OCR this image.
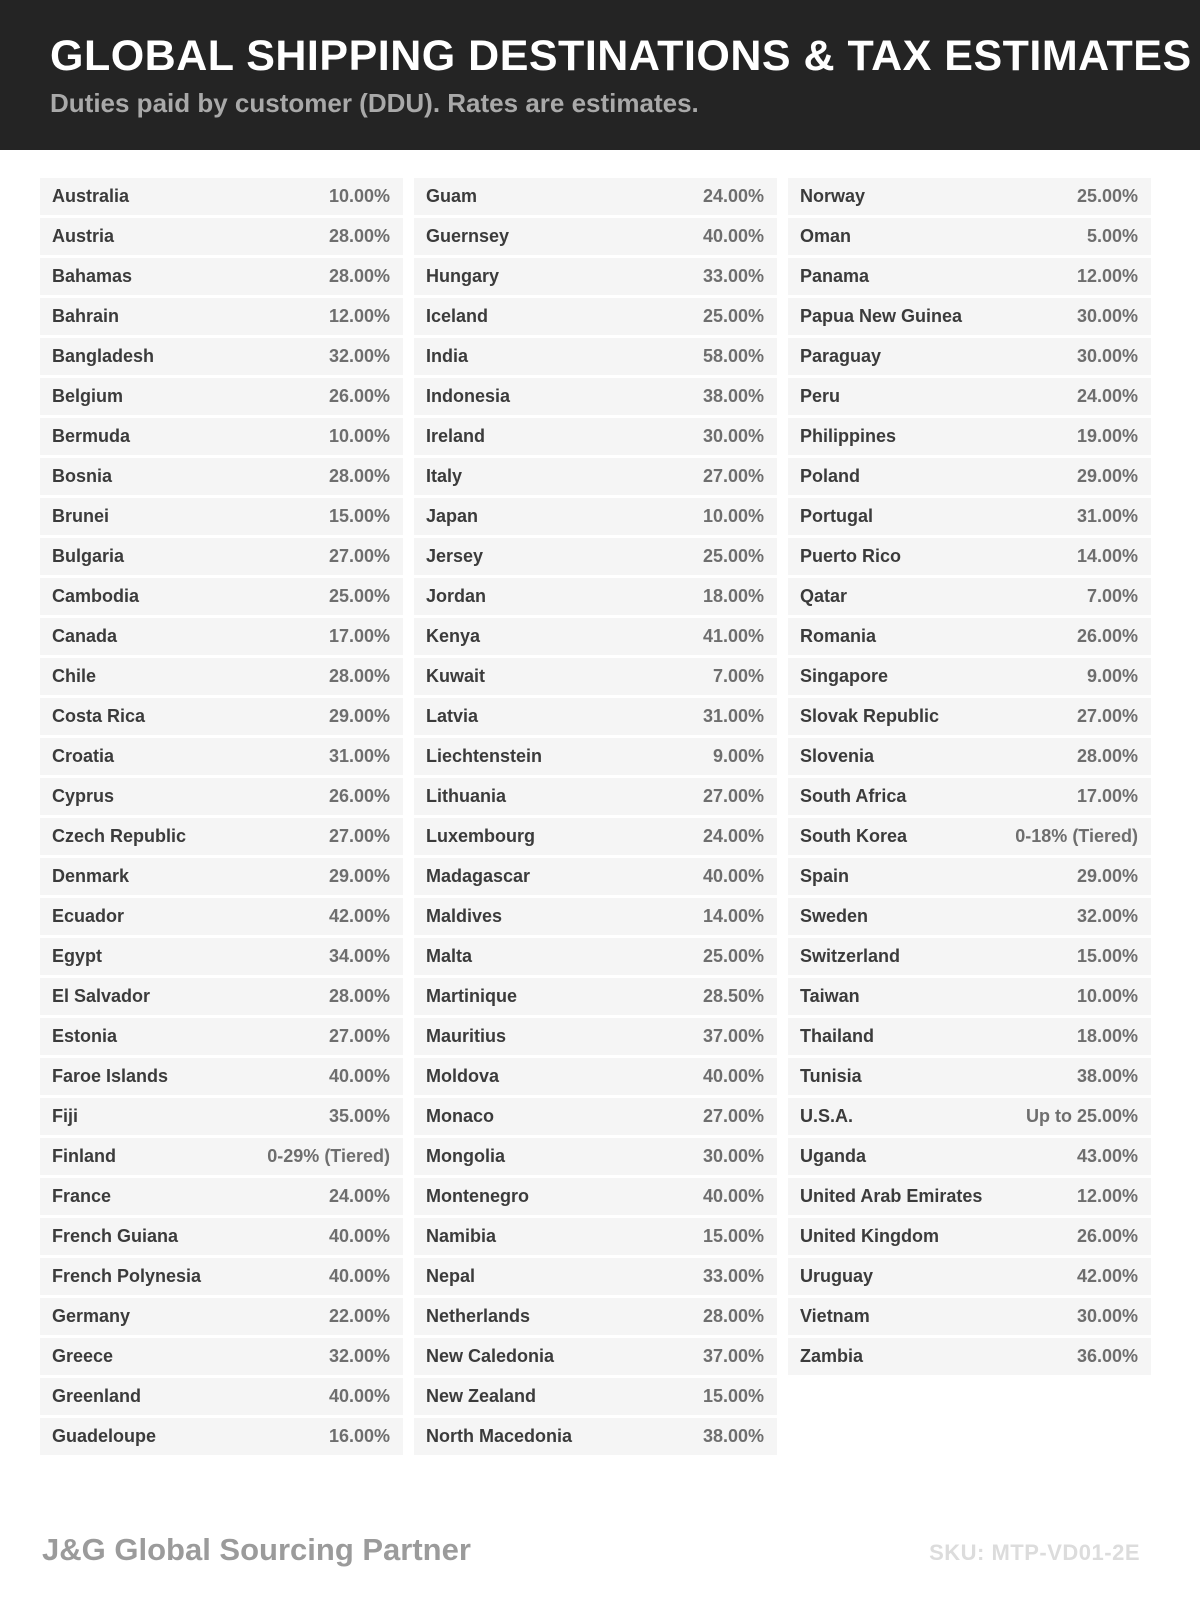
GLOBAL SHIPPING DESTINATIONS & TAX ESTIMATES
Duties paid by customer (DDU). Rates are estimates.
Australia	10.00%
Austria	28.00%
Bahamas	28.00%
Bahrain	12.00%
Bangladesh	32.00%
Belgium	26.00%
Bermuda	10.00%
Bosnia	28.00%
Brunei	15.00%
Bulgaria	27.00%
Cambodia	25.00%
Canada	17.00%
Chile	28.00%
Costa Rica	29.00%
Croatia	31.00%
Cyprus	26.00%
Czech Republic	27.00%
Denmark	29.00%
Ecuador	42.00%
Egypt	34.00%
El Salvador	28.00%
Estonia	27.00%
Faroe Islands	40.00%
Fiji	35.00%
Finland	0-29% (Tiered)
France	24.00%
French Guiana	40.00%
French Polynesia	40.00%
Germany	22.00%
Greece	32.00%
Greenland	40.00%
Guadeloupe	16.00%
Guam	24.00%
Guernsey	40.00%
Hungary	33.00%
Iceland	25.00%
India	58.00%
Indonesia	38.00%
Ireland	30.00%
Italy	27.00%
Japan	10.00%
Jersey	25.00%
Jordan	18.00%
Kenya	41.00%
Kuwait	7.00%
Latvia	31.00%
Liechtenstein	9.00%
Lithuania	27.00%
Luxembourg	24.00%
Madagascar	40.00%
Maldives	14.00%
Malta	25.00%
Martinique	28.50%
Mauritius	37.00%
Moldova	40.00%
Monaco	27.00%
Mongolia	30.00%
Montenegro	40.00%
Namibia	15.00%
Nepal	33.00%
Netherlands	28.00%
New Caledonia	37.00%
New Zealand	15.00%
North Macedonia	38.00%
Norway	25.00%
Oman	5.00%
Panama	12.00%
Papua New Guinea	30.00%
Paraguay	30.00%
Peru	24.00%
Philippines	19.00%
Poland	29.00%
Portugal	31.00%
Puerto Rico	14.00%
Qatar	7.00%
Romania	26.00%
Singapore	9.00%
Slovak Republic	27.00%
Slovenia	28.00%
South Africa	17.00%
South Korea	0-18% (Tiered)
Spain	29.00%
Sweden	32.00%
Switzerland	15.00%
Taiwan	10.00%
Thailand	18.00%
Tunisia	38.00%
U.S.A.	Up to 25.00%
Uganda	43.00%
United Arab Emirates	12.00%
United Kingdom	26.00%
Uruguay	42.00%
Vietnam	30.00%
Zambia	36.00%
J&G Global Sourcing Partner	SKU: MTP-VD01-2E
